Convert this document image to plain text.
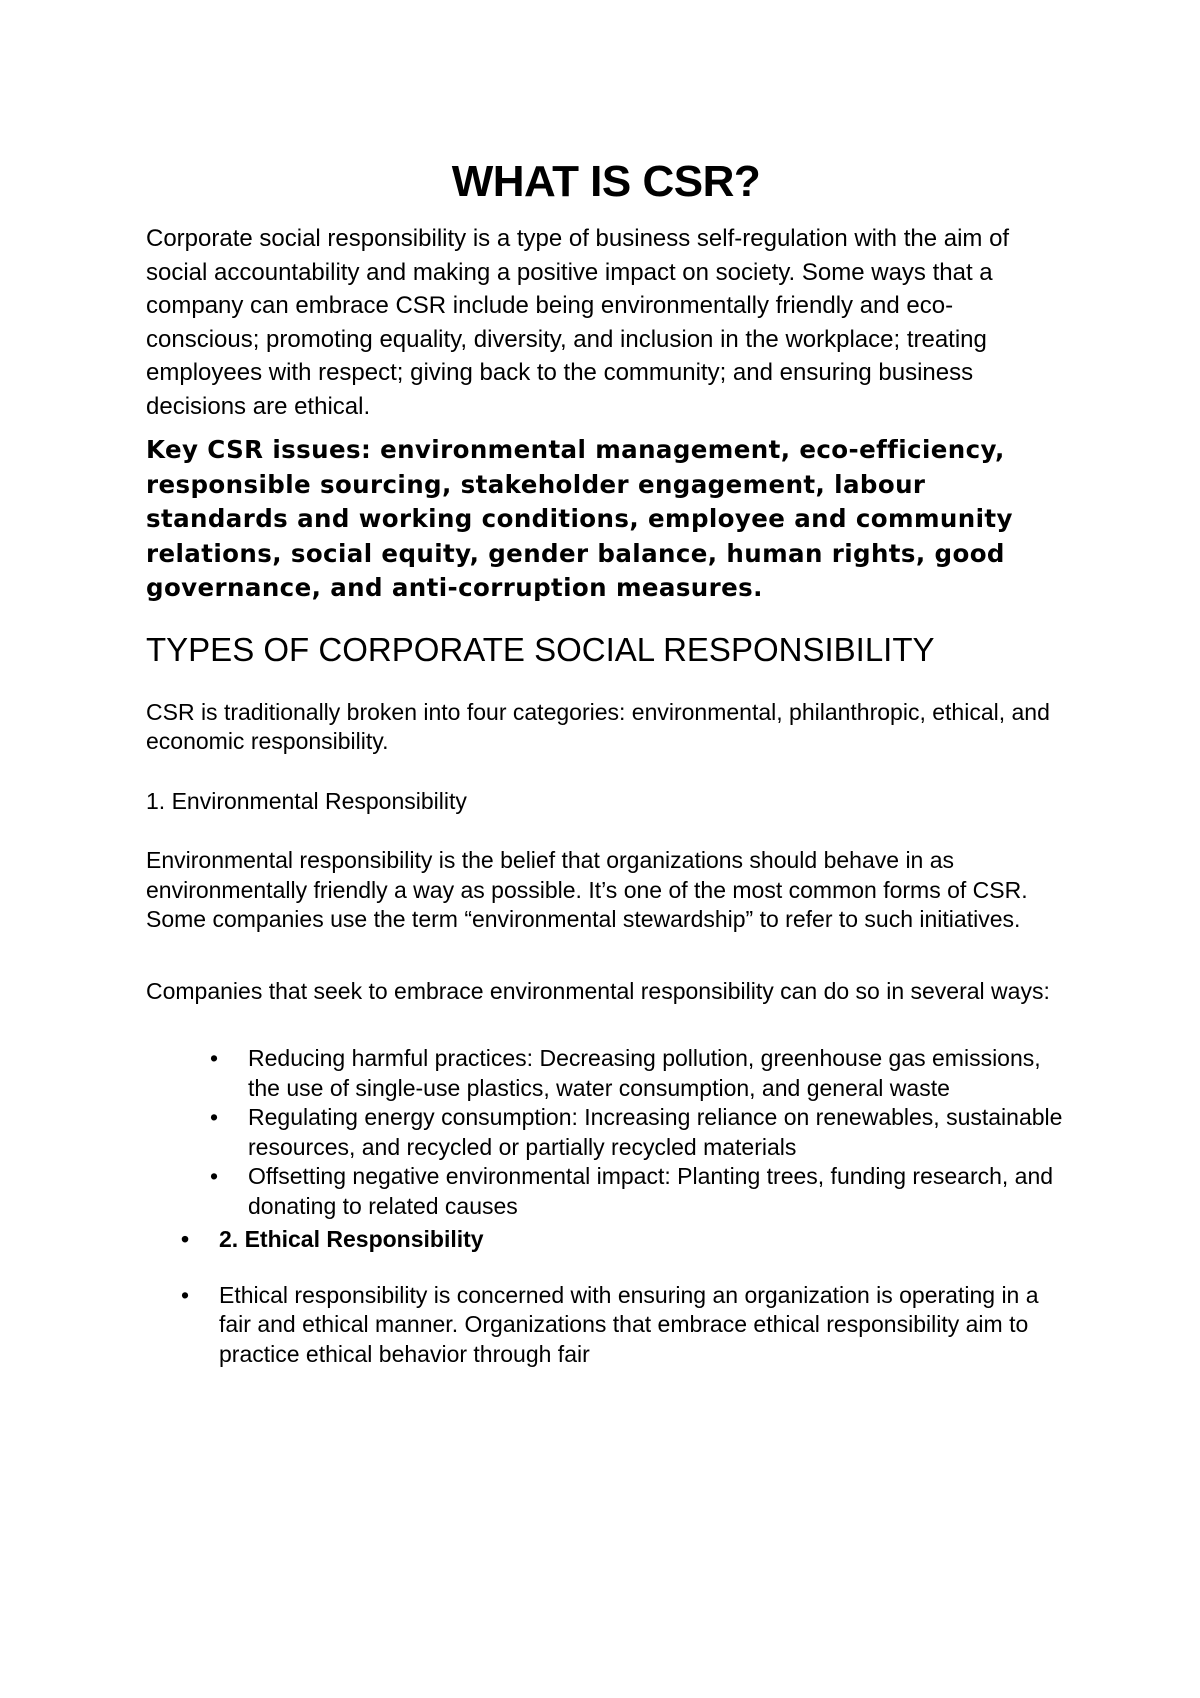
WHAT IS CSR?

Corporate social responsibility is a type of business self-regulation with the aim of social accountability and making a positive impact on society. Some ways that a company can embrace CSR include being environmentally friendly and eco-conscious; promoting equality, diversity, and inclusion in the workplace; treating employees with respect; giving back to the community; and ensuring business decisions are ethical.

Key CSR issues: environmental management, eco-efficiency, responsible sourcing, stakeholder engagement, labour standards and working conditions, employee and community relations, social equity, gender balance, human rights, good governance, and anti-corruption measures.

TYPES OF CORPORATE SOCIAL RESPONSIBILITY

CSR is traditionally broken into four categories: environmental, philanthropic, ethical, and economic responsibility.

1. Environmental Responsibility

Environmental responsibility is the belief that organizations should behave in as environmentally friendly a way as possible. It’s one of the most common forms of CSR. Some companies use the term “environmental stewardship” to refer to such initiatives.

Companies that seek to embrace environmental responsibility can do so in several ways:

• Reducing harmful practices: Decreasing pollution, greenhouse gas emissions, the use of single-use plastics, water consumption, and general waste
• Regulating energy consumption: Increasing reliance on renewables, sustainable resources, and recycled or partially recycled materials
• Offsetting negative environmental impact: Planting trees, funding research, and donating to related causes
• 2. Ethical Responsibility
• Ethical responsibility is concerned with ensuring an organization is operating in a fair and ethical manner. Organizations that embrace ethical responsibility aim to practice ethical behavior through fair
